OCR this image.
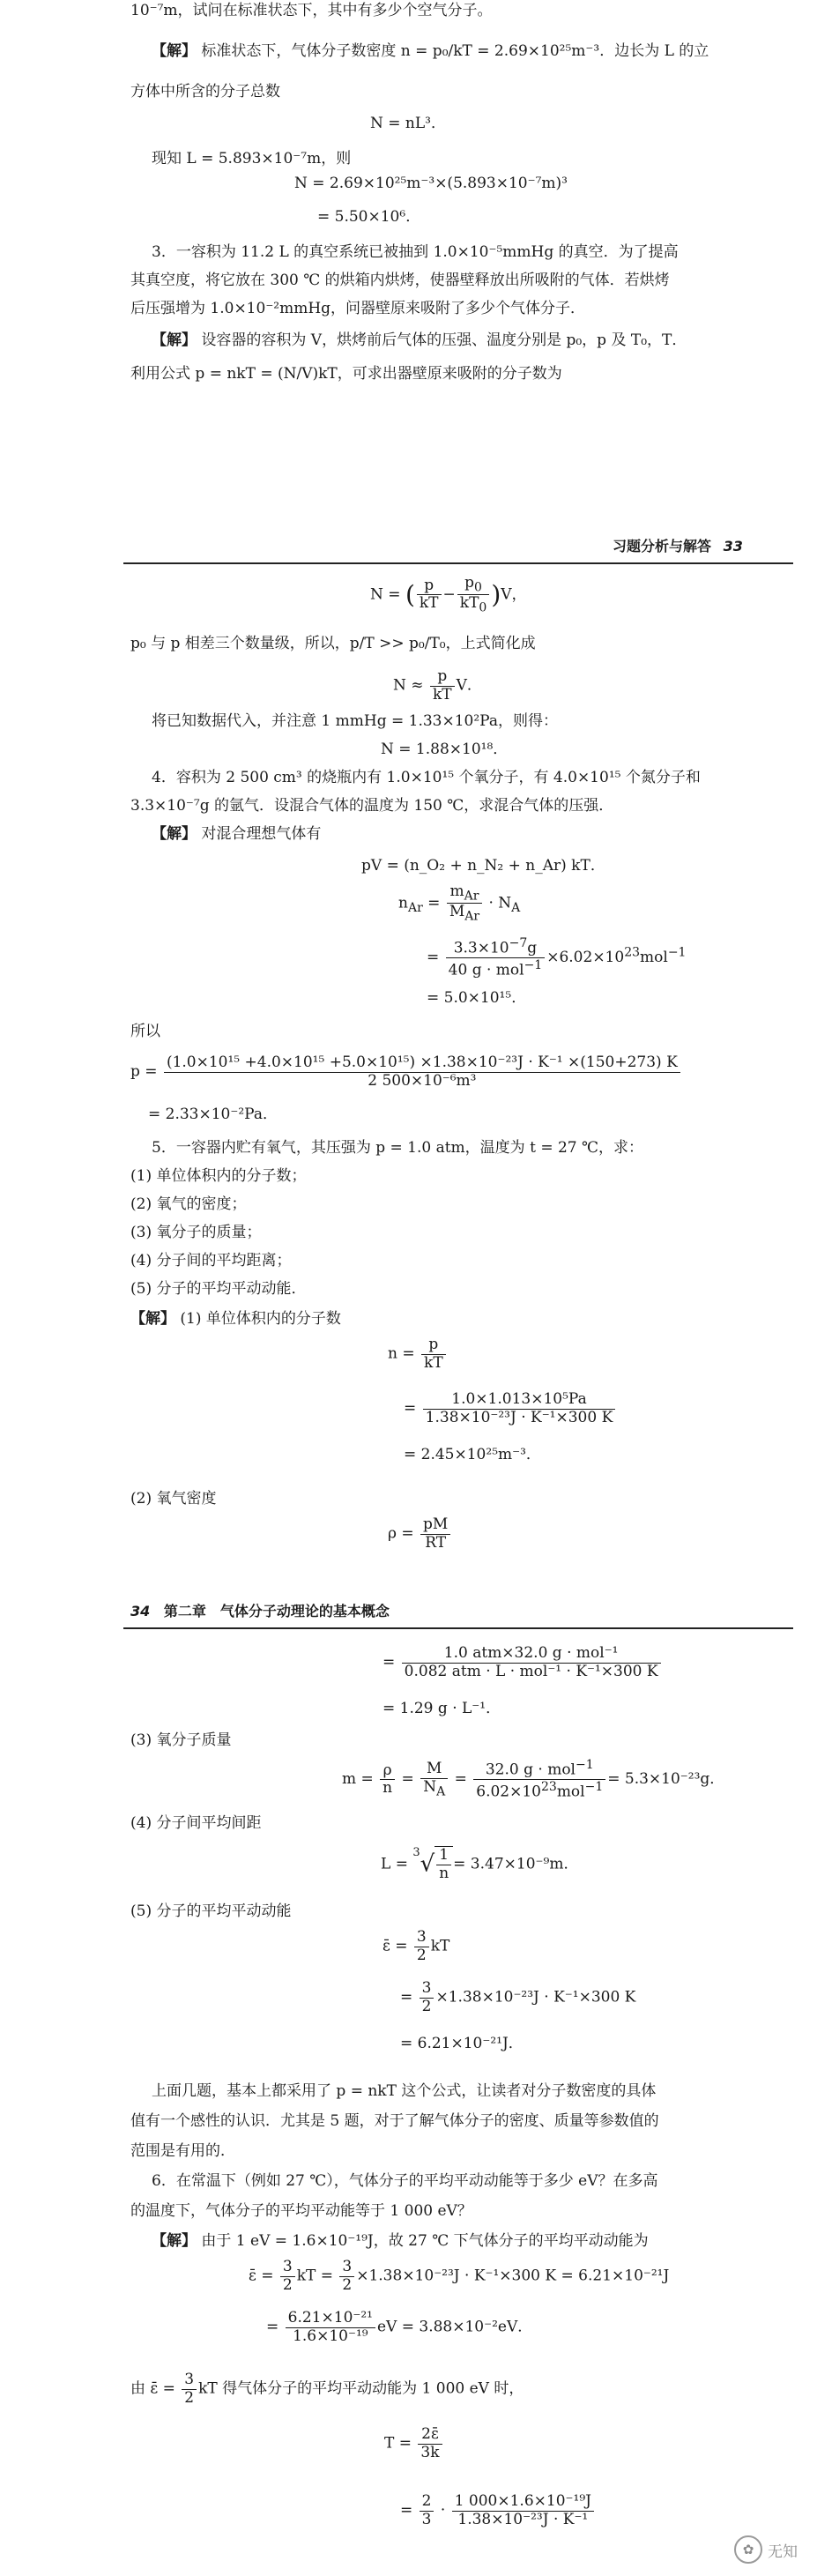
10⁻⁷m，试问在标准状态下，其中有多少个空气分子。
【解】 标准状态下，气体分子数密度 n = p₀/kT = 2.69×10²⁵m⁻³．边长为 L 的立
方体中所含的分子总数
N = nL³．
现知 L = 5.893×10⁻⁷m，则
N = 2.69×10²⁵m⁻³×(5.893×10⁻⁷m)³
= 5.50×10⁶．
3．一容积为 11.2 L 的真空系统已被抽到 1.0×10⁻⁵mmHg 的真空．为了提高
其真空度，将它放在 300 ℃ 的烘箱内烘烤，使器壁释放出所吸附的气体．若烘烤
后压强增为 1.0×10⁻²mmHg，问器壁原来吸附了多少个气体分子．
【解】 设容器的容积为 V，烘烤前后气体的压强、温度分别是 p₀，p 及 T₀，T．
利用公式 p = nkT = (N/V)kT，可求出器壁原来吸附的分子数为
习题分析与解答 33
N = ( $\frac{p}{kT} - \frac{p_0}{kT_0} )V$，
p₀ 与 p 相差三个数量级，所以，p/T >> p₀/T₀，上式简化成
$N \approx \frac{p}{kT}$ V．
将已知数据代入，并注意 1 mmHg = 1.33×10²Pa，则得：
N = 1.88×10¹⁸．
4．容积为 2 500 cm³ 的烧瓶内有 1.0×10¹⁵ 个氧分子，有 4.0×10¹⁵ 个氮分子和
3.3×10⁻⁷g 的氩气．设混合气体的温度为 150 ℃，求混合气体的压强．
【解】 对混合理想气体有
pV = (n_O₂ + n_N₂ + n_Ar) kT．
$n_{Ar}$ =
$m_{Ar}$
$M_{Ar}$
· $N_A$
=
$3.3\times 10^{-7}g$
40 $g \cdot mol^{-1} \times 6.02\times 10^{23}mol^{-1}$
= 5.0×10¹⁵．
所以
p =
(1.0×10¹⁵ +4.0×10¹⁵ +5.0×10¹⁵) ×1.38×10⁻²³J · K⁻¹ ×(150+273) K
2 500×10⁻⁶m³
= 2.33×10⁻²Pa．
5．一容器内贮有氧气，其压强为 p = 1.0 atm，温度为 t = 27 ℃，求：
(1) 单位体积内的分子数；
(2) 氧气的密度；
(3) 氧分子的质量；
(4) 分子间的平均距离；
(5) 分子的平均平动动能．
【解】 (1) 单位体积内的分子数
$n = \frac{p}{kT}$
= $\frac{\text{1.0×1.013×10⁵Pa}}{\text{1.38×10⁻²³J · K⁻¹×300 K}}$
= 2.45×10²⁵m⁻³．
(2) 氧气密度
$\rho = \frac{pM}{RT}$
34 第二章　气体分子动理论的基本概念
=
1.0 atm×32.0 g · mol⁻¹
0.082 atm · L · mol⁻¹ · K⁻¹×300 K
= 1.29 g · L⁻¹．
(3) 氧分子质量
$m = \frac{\rho}{n} = \frac{M}{N_A}$ =
32.0 g · mol$^{-1}$
$6.02\times 10^{23}mol^{-1} = 5.3\times 10^{-23}g$．
(4) 分子间平均间距
$L = ^3√ \frac{1}{n} = 3.47\times 10^{-9}m$．
(5) 分子的平均平动动能
ε̄ = $\frac{3}{2}$ kT
= $\frac{3}{2} \times 1.38\times 10^{-23}J \cdot K^{-1}\times 300$ K
= 6.21×10⁻²¹J．
上面几题，基本上都采用了 p = nkT 这个公式，让读者对分子数密度的具体
值有一个感性的认识．尤其是 5 题，对于了解气体分子的密度、质量等参数值的
范围是有用的．
6．在常温下（例如 27 ℃），气体分子的平均平动动能等于多少 eV？在多高
的温度下，气体分子的平均平动能等于 1 000 eV？
【解】 由于 1 eV = 1.6×10⁻¹⁹J，故 27 ℃ 下气体分子的平均平动动能为
ε̄ = $\frac{3}{2}$ kT = $\frac{3}{2} \times 1.38\times 10^{-23}J \cdot K^{-1}\times 300$ K = 6.21×10⁻²¹J
= $\frac{\text{6.21×10⁻²¹}}{\text{1.6×10⁻¹⁹}}$ eV = 3.88×10⁻²eV．
由 ε̄ = $\frac{3}{2}$ kT 得气体分子的平均平动动能为 1 000 eV 时，
$T = \frac{2\varepsilon̄}{3k}$
= $\frac{2}{3} \cdot \frac{\text{1 000×1.6×10⁻¹⁹J}}{\text{1.38×10⁻²³J · K⁻¹}}$
✿ 无知
